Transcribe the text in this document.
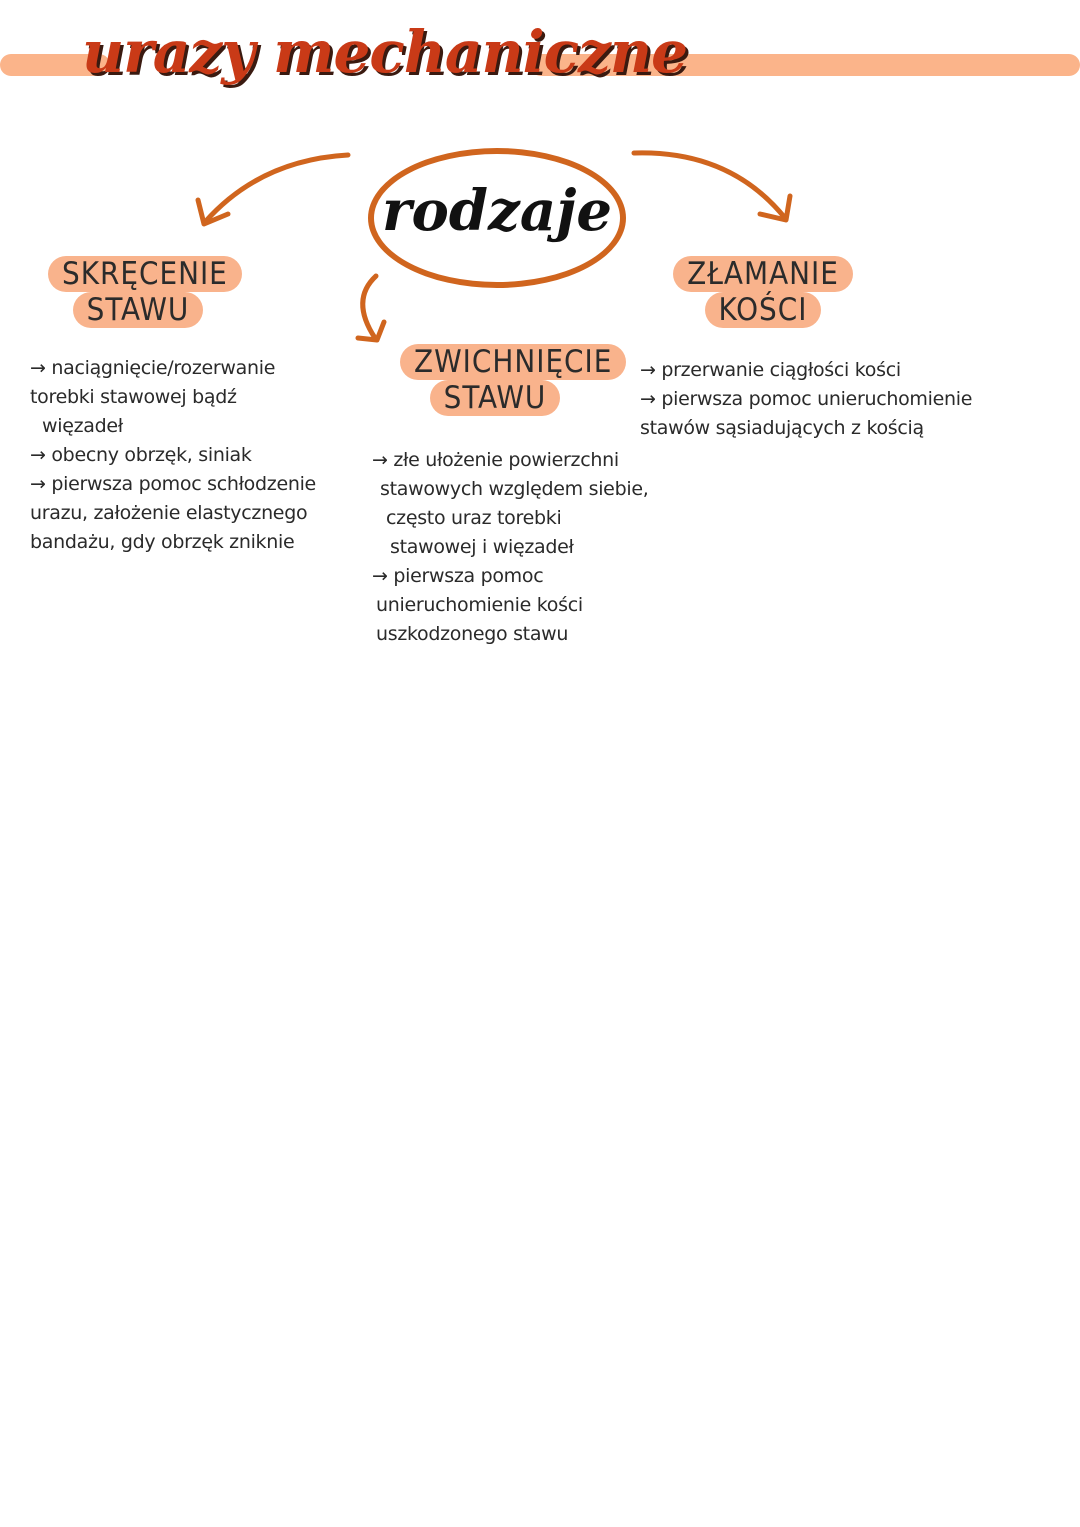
urazy mechaniczne
rodzaje
SKRĘCENIE
STAWU
ZWICHNIĘCIE
STAWU
ZŁAMANIE
KOŚCI

→ naciągnięcie/rozerwanie

torebki stawowej bądź

więzadeł

→ obecny obrzęk, siniak

→ pierwsza pomoc schłodzenie

urazu, założenie elastycznego

bandażu, gdy obrzęk zniknie

→ złe ułożenie powierzchni

stawowych względem siebie,

często uraz torebki

stawowej i więzadeł

→ pierwsza pomoc

unieruchomienie kości

uszkodzonego stawu

→ przerwanie ciągłości kości

→ pierwsza pomoc unieruchomienie

stawów sąsiadujących z kością
